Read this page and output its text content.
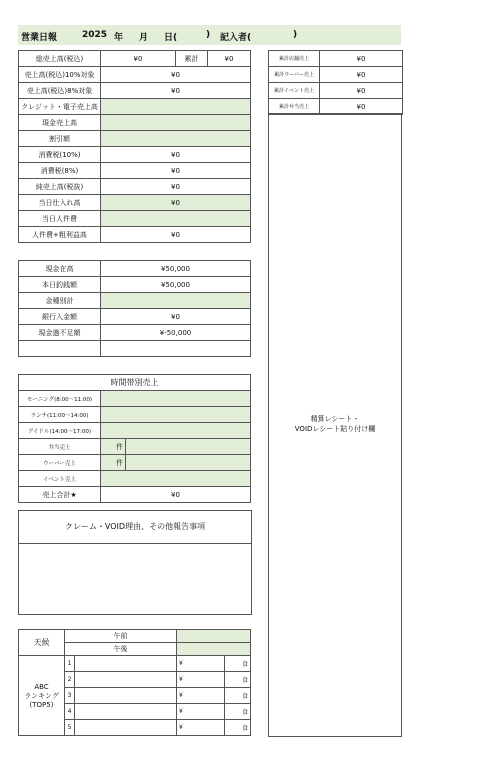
営業日報	2025 年 月 日(	) 記入者(	)
総売上高(税込)	¥0	累計	¥0
売上高(税込)10%対象	¥0		
売上高(税込)8%対象	¥0		
クレジット・電子売上高			
現金売上高			
割引額			
消費税(10%)	¥0		
消費税(8%)	¥0		
純売上高(税抜)	¥0		
当日仕入れ高	¥0		
当日人件費			
人件費+粗利益高	¥0		
累計店舗売上	¥0
累計ウーバー売上	¥0
累計イベント売上	¥0
累計弁当売上	¥0
精算レシート・
VOIDレシート貼り付け欄
現金在高	¥50,000
本日釣銭額	¥50,000
金種別計	
銀行入金額	¥0
現金過不足額	¥-50,000

時間帯別売上		
モーニング(8:00〜11:00)		
ランチ(11:00〜14:00)		
アイドル(14:00〜17:00)		
弁当売上	件	
ウーバー売上	件	
イベント売上		
売上合計★	¥0	
クレーム・VOID理由、その他報告事項
天候	午前			
	午後			
ABC
ランキング
(TOP5)	1		¥	食
	2		¥	食
	3		¥	食
	4		¥	食
	5		¥	食
